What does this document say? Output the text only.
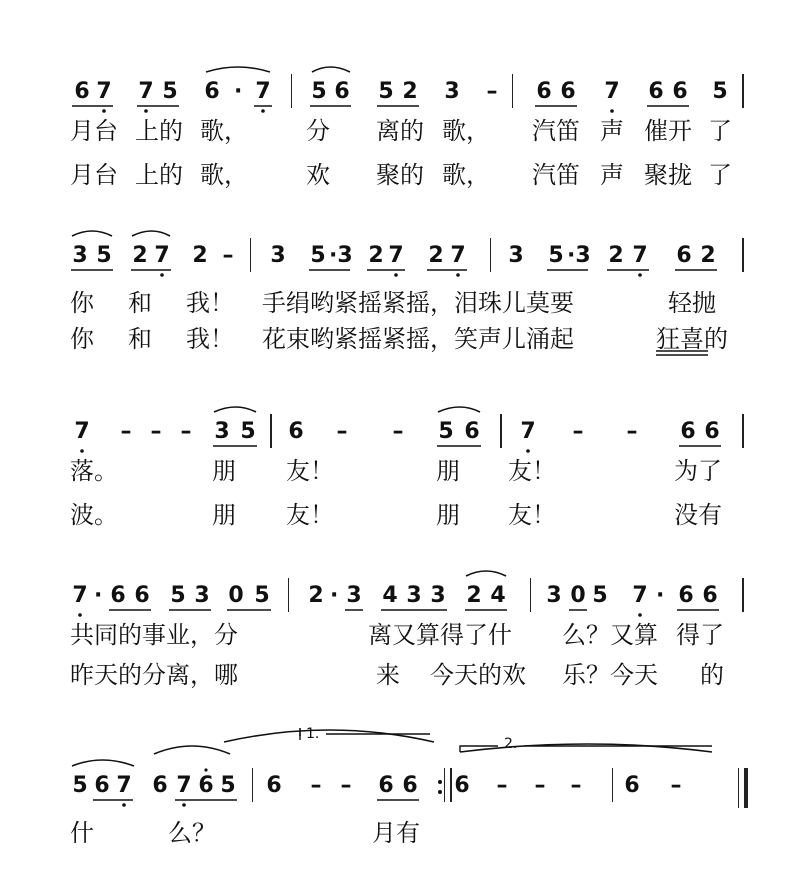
6 7 7 5 6 · 7 5 6 5 2 3 – 6 6 7 6 6 5
月台 上的 歌， 分 离的 歌， 汽笛 声 催开 了
月台 上的 歌， 欢 聚的 歌， 汽笛 声 聚拢 了
3 5 2 7 2 – 3 5 ·3 2 7 2 7 3 5 ·3 2 7 6 2
你 和 我！ 手绢哟紧摇紧摇，泪珠儿莫要	轻抛
你 和 我！ 花束哟紧摇紧摇，笑声儿涌起	狂喜的
7 – – – 3 5 6 – – 5 6 7 – – 6 6
落。	朋 友！	朋 友！	为了
波。	朋 友！	朋 友！	没有
7 · 6 6 5 3 0 5 2 · 3 4 3 3 2 4 3 0 5 7 · 6 6
共同的事业，分	离又算得了什 么？又算 得了
昨天的分离，哪	来 今天的欢 乐？今天 的
5 6 7 6 7 6 5 6 – – 6 6 6 – – – 6 –
什	么？	月有
1.
2.
